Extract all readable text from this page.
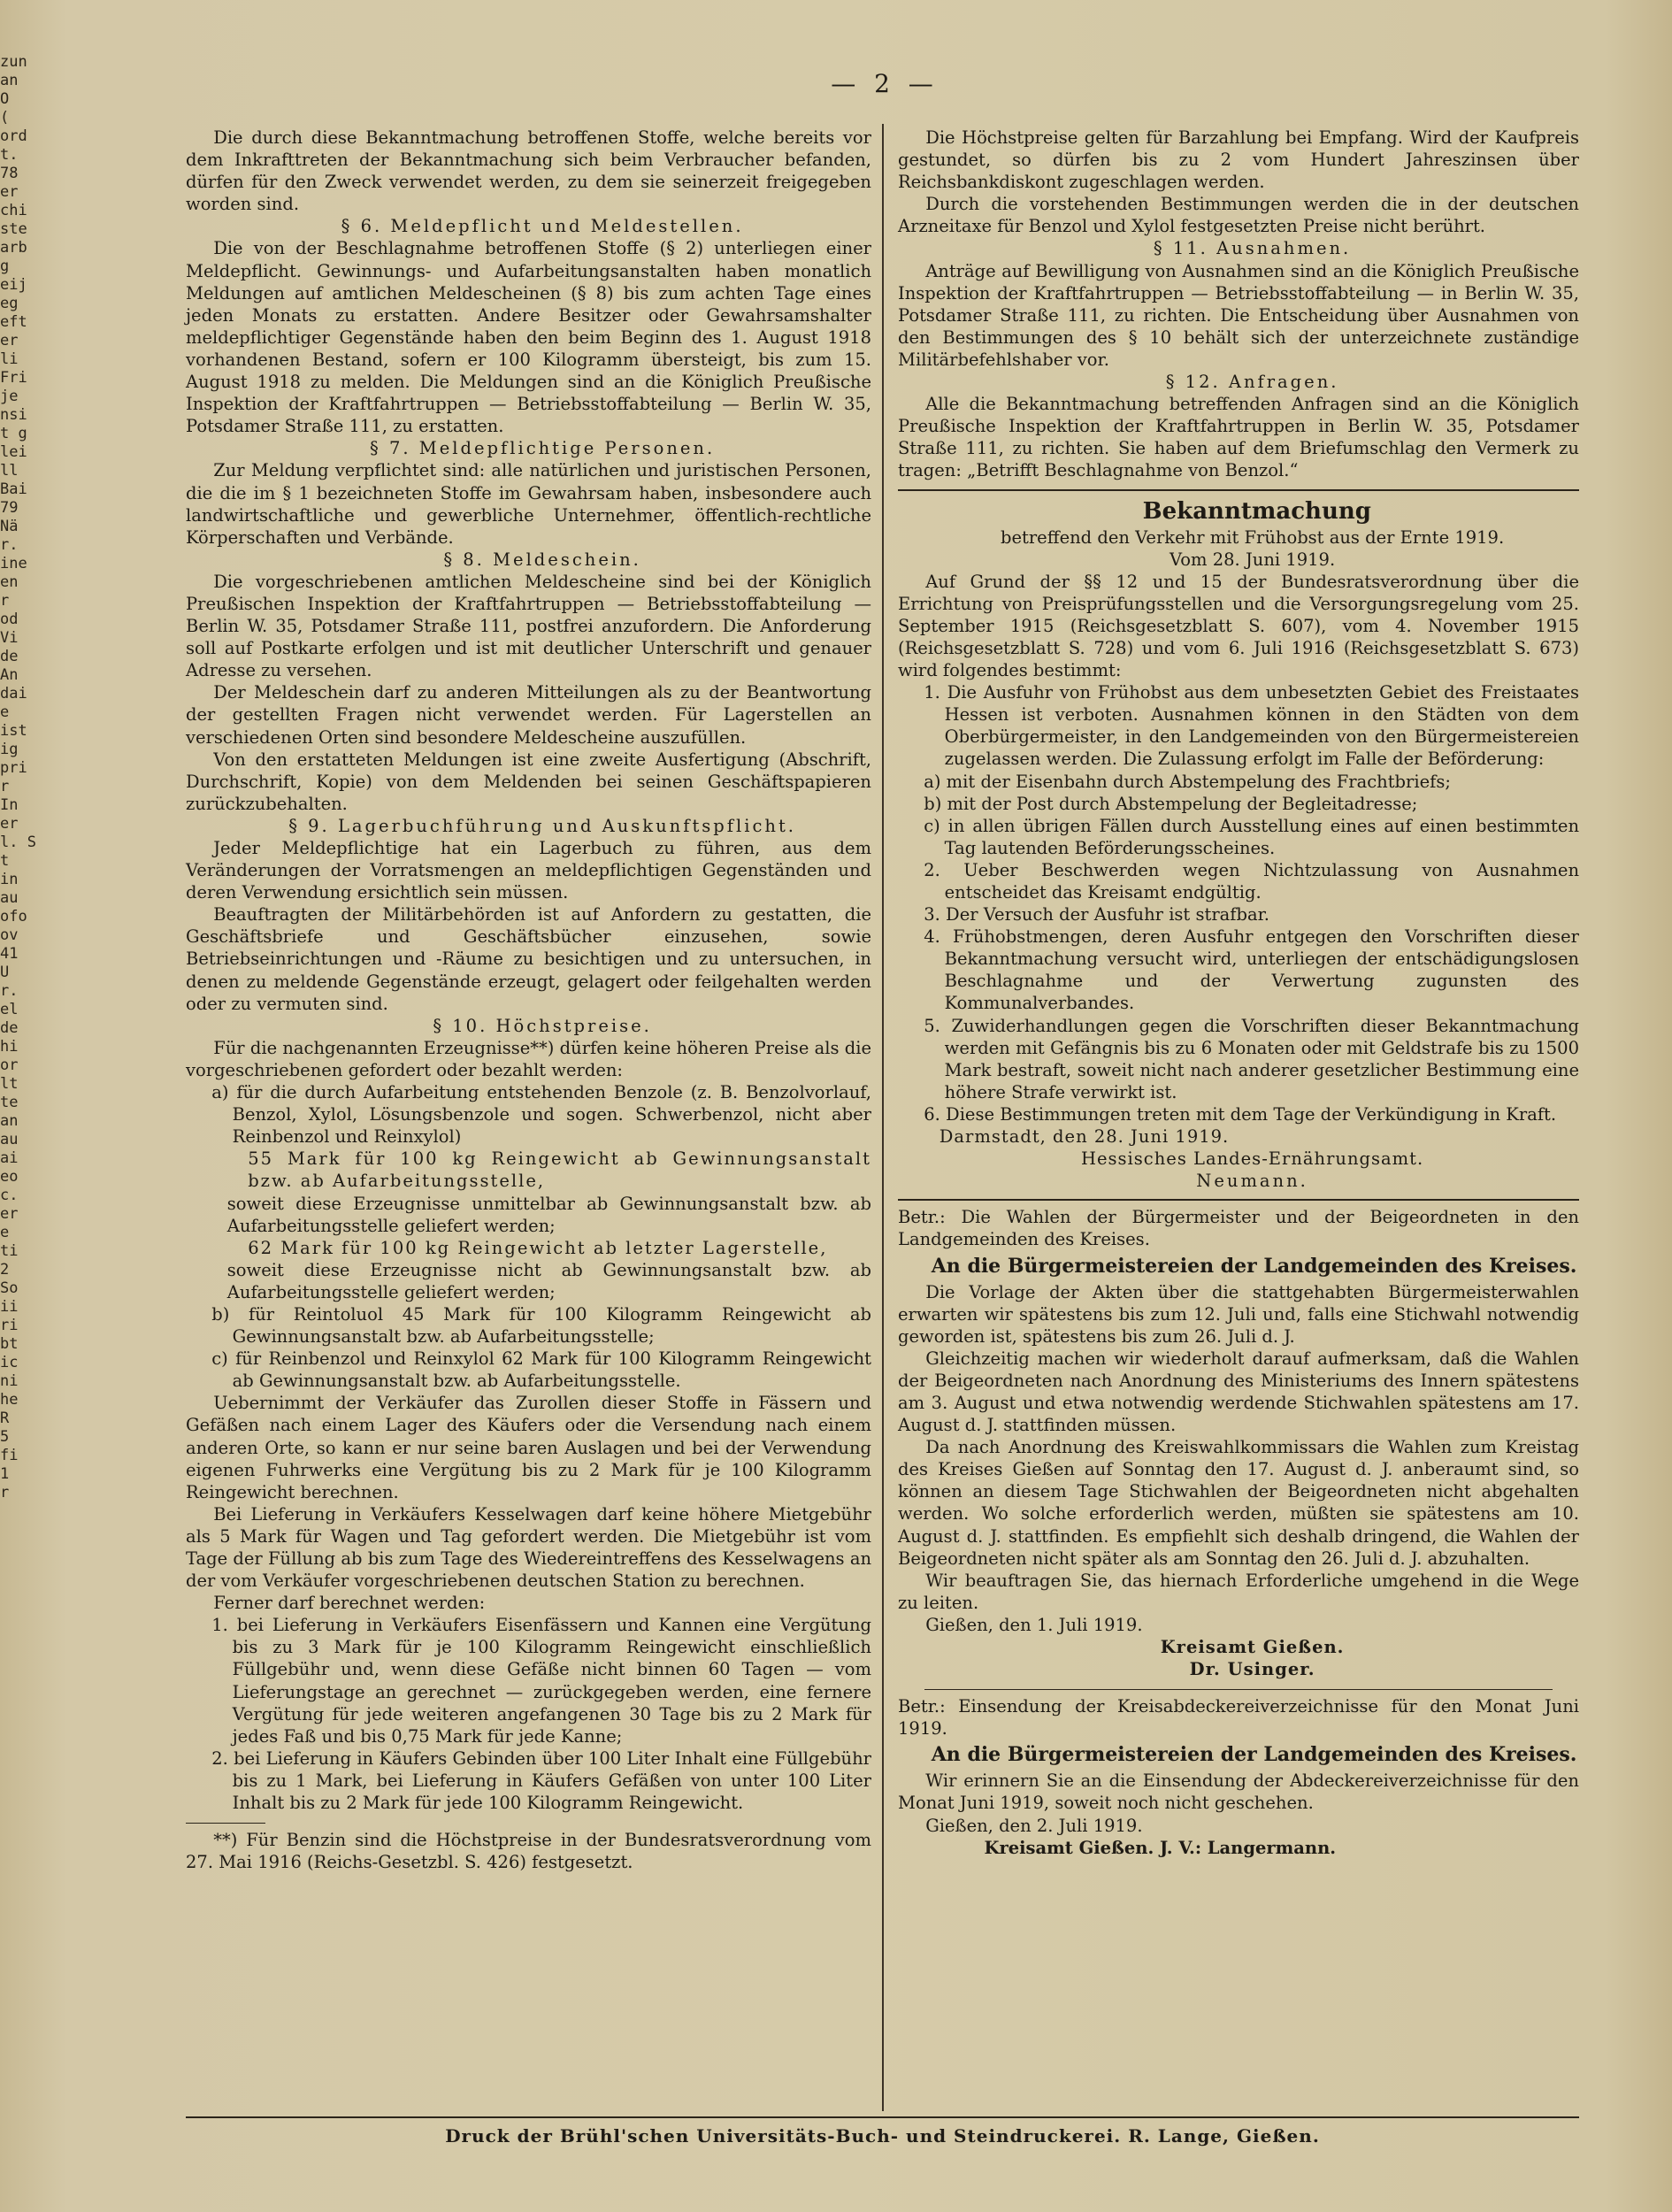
zun
an
O
(
ord
t.
78
er
chi
ste
arb
g
eij
eg
eft
er
li
Fri
je
nsi
t g
lei
ll
Bai
79
Nä
r.
ine
en
r
od
Vi
de
An
dai
e
ist
ig
pri
r
In
er
l. S
t
in
au
ofo
ov
41
U
r.
el
de
hi
or
lt
te
an
au
ai
eo
c.
er
e
ti
2
So
ii
ri
bt
ic
ni
he
R
5
fi
1
r
— 2 —

Die durch diese Bekanntmachung betroffenen Stoffe, welche bereits vor dem Inkrafttreten der Bekanntmachung sich beim Verbraucher befanden, dürfen für den Zweck verwendet werden, zu dem sie seinerzeit freigegeben worden sind.

§ 6. Meldepflicht und Meldestellen.

Die von der Beschlagnahme betroffenen Stoffe (§ 2) unterliegen einer Meldepflicht. Gewinnungs- und Aufarbeitungsanstalten haben monatlich Meldungen auf amtlichen Meldescheinen (§ 8) bis zum achten Tage eines jeden Monats zu erstatten. Andere Besitzer oder Gewahrsamshalter meldepflichtiger Gegenstände haben den beim Beginn des 1. August 1918 vorhandenen Bestand, sofern er 100 Kilogramm übersteigt, bis zum 15. August 1918 zu melden. Die Meldungen sind an die Königlich Preußische Inspektion der Kraftfahrtruppen — Betriebsstoffabteilung — Berlin W. 35, Potsdamer Straße 111, zu erstatten.

§ 7. Meldepflichtige Personen.

Zur Meldung verpflichtet sind: alle natürlichen und juristischen Personen, die die im § 1 bezeichneten Stoffe im Gewahrsam haben, insbesondere auch landwirtschaftliche und gewerbliche Unternehmer, öffentlich-rechtliche Körperschaften und Verbände.

§ 8. Meldeschein.

Die vorgeschriebenen amtlichen Meldescheine sind bei der Königlich Preußischen Inspektion der Kraftfahrtruppen — Betriebsstoffabteilung — Berlin W. 35, Potsdamer Straße 111, postfrei anzufordern. Die Anforderung soll auf Postkarte erfolgen und ist mit deutlicher Unterschrift und genauer Adresse zu versehen.

Der Meldeschein darf zu anderen Mitteilungen als zu der Beantwortung der gestellten Fragen nicht verwendet werden. Für Lagerstellen an verschiedenen Orten sind besondere Meldescheine auszufüllen.

Von den erstatteten Meldungen ist eine zweite Ausfertigung (Abschrift, Durchschrift, Kopie) von dem Meldenden bei seinen Geschäftspapieren zurückzubehalten.

§ 9. Lagerbuchführung und Auskunftspflicht.

Jeder Meldepflichtige hat ein Lagerbuch zu führen, aus dem Veränderungen der Vorratsmengen an meldepflichtigen Gegenständen und deren Verwendung ersichtlich sein müssen.

Beauftragten der Militärbehörden ist auf Anfordern zu gestatten, die Geschäftsbriefe und Geschäftsbücher einzusehen, sowie Betriebseinrichtungen und -Räume zu besichtigen und zu untersuchen, in denen zu meldende Gegenstände erzeugt, gelagert oder feilgehalten werden oder zu vermuten sind.

§ 10. Höchstpreise.

Für die nachgenannten Erzeugnisse**) dürfen keine höheren Preise als die vorgeschriebenen gefordert oder bezahlt werden:

a) für die durch Aufarbeitung entstehenden Benzole (z. B. Benzolvorlauf, Benzol, Xylol, Lösungsbenzole und sogen. Schwerbenzol, nicht aber Reinbenzol und Reinxylol)

55 Mark für 100 kg Reingewicht ab Gewinnungsanstalt bzw. ab Aufarbeitungsstelle,

soweit diese Erzeugnisse unmittelbar ab Gewinnungsanstalt bzw. ab Aufarbeitungsstelle geliefert werden;

62 Mark für 100 kg Reingewicht ab letzter Lagerstelle,

soweit diese Erzeugnisse nicht ab Gewinnungsanstalt bzw. ab Aufarbeitungsstelle geliefert werden;

b) für Reintoluol 45 Mark für 100 Kilogramm Reingewicht ab Gewinnungsanstalt bzw. ab Aufarbeitungsstelle;

c) für Reinbenzol und Reinxylol 62 Mark für 100 Kilogramm Reingewicht ab Gewinnungsanstalt bzw. ab Aufarbeitungsstelle.

Uebernimmt der Verkäufer das Zurollen dieser Stoffe in Fässern und Gefäßen nach einem Lager des Käufers oder die Versendung nach einem anderen Orte, so kann er nur seine baren Auslagen und bei der Verwendung eigenen Fuhrwerks eine Vergütung bis zu 2 Mark für je 100 Kilogramm Reingewicht berechnen.

Bei Lieferung in Verkäufers Kesselwagen darf keine höhere Mietgebühr als 5 Mark für Wagen und Tag gefordert werden. Die Mietgebühr ist vom Tage der Füllung ab bis zum Tage des Wiedereintreffens des Kesselwagens an der vom Verkäufer vorgeschriebenen deutschen Station zu berechnen.

Ferner darf berechnet werden:

1. bei Lieferung in Verkäufers Eisenfässern und Kannen eine Vergütung bis zu 3 Mark für je 100 Kilogramm Reingewicht einschließlich Füllgebühr und, wenn diese Gefäße nicht binnen 60 Tagen — vom Lieferungstage an gerechnet — zurückgegeben werden, eine fernere Vergütung für jede weiteren angefangenen 30 Tage bis zu 2 Mark für jedes Faß und bis 0,75 Mark für jede Kanne;

2. bei Lieferung in Käufers Gebinden über 100 Liter Inhalt eine Füllgebühr bis zu 1 Mark, bei Lieferung in Käufers Gefäßen von unter 100 Liter Inhalt bis zu 2 Mark für jede 100 Kilogramm Reingewicht.

**) Für Benzin sind die Höchstpreise in der Bundesratsverordnung vom 27. Mai 1916 (Reichs-Gesetzbl. S. 426) festgesetzt.

Die Höchstpreise gelten für Barzahlung bei Empfang. Wird der Kaufpreis gestundet, so dürfen bis zu 2 vom Hundert Jahreszinsen über Reichsbankdiskont zugeschlagen werden.

Durch die vorstehenden Bestimmungen werden die in der deutschen Arzneitaxe für Benzol und Xylol festgesetzten Preise nicht berührt.

§ 11. Ausnahmen.

Anträge auf Bewilligung von Ausnahmen sind an die Königlich Preußische Inspektion der Kraftfahrtruppen — Betriebsstoffabteilung — in Berlin W. 35, Potsdamer Straße 111, zu richten. Die Entscheidung über Ausnahmen von den Bestimmungen des § 10 behält sich der unterzeichnete zuständige Militärbefehlshaber vor.

§ 12. Anfragen.

Alle die Bekanntmachung betreffenden Anfragen sind an die Königlich Preußische Inspektion der Kraftfahrtruppen in Berlin W. 35, Potsdamer Straße 111, zu richten. Sie haben auf dem Briefumschlag den Vermerk zu tragen: „Betrifft Beschlagnahme von Benzol.“

Bekanntmachung

betreffend den Verkehr mit Frühobst aus der Ernte 1919.

Vom 28. Juni 1919.

Auf Grund der §§ 12 und 15 der Bundesratsverordnung über die Errichtung von Preisprüfungsstellen und die Versorgungsregelung vom 25. September 1915 (Reichsgesetzblatt S. 607), vom 4. November 1915 (Reichsgesetzblatt S. 728) und vom 6. Juli 1916 (Reichsgesetzblatt S. 673) wird folgendes bestimmt:

1. Die Ausfuhr von Frühobst aus dem unbesetzten Gebiet des Freistaates Hessen ist verboten. Ausnahmen können in den Städten von dem Oberbürgermeister, in den Landgemeinden von den Bürgermeistereien zugelassen werden. Die Zulassung erfolgt im Falle der Beförderung:

a) mit der Eisenbahn durch Abstempelung des Frachtbriefs;

b) mit der Post durch Abstempelung der Begleitadresse;

c) in allen übrigen Fällen durch Ausstellung eines auf einen bestimmten Tag lautenden Beförderungsscheines.

2. Ueber Beschwerden wegen Nichtzulassung von Ausnahmen entscheidet das Kreisamt endgültig.

3. Der Versuch der Ausfuhr ist strafbar.

4. Frühobstmengen, deren Ausfuhr entgegen den Vorschriften dieser Bekanntmachung versucht wird, unterliegen der entschädigungslosen Beschlagnahme und der Verwertung zugunsten des Kommunalverbandes.

5. Zuwiderhandlungen gegen die Vorschriften dieser Bekanntmachung werden mit Gefängnis bis zu 6 Monaten oder mit Geldstrafe bis zu 1500 Mark bestraft, soweit nicht nach anderer gesetzlicher Bestimmung eine höhere Strafe verwirkt ist.

6. Diese Bestimmungen treten mit dem Tage der Verkündigung in Kraft.

Darmstadt, den 28. Juni 1919.

Hessisches Landes-Ernährungsamt.

Neumann.

Betr.: Die Wahlen der Bürgermeister und der Beigeordneten in den Landgemeinden des Kreises.

An die Bürgermeistereien der Landgemeinden des Kreises.

Die Vorlage der Akten über die stattgehabten Bürgermeisterwahlen erwarten wir spätestens bis zum 12. Juli und, falls eine Stichwahl notwendig geworden ist, spätestens bis zum 26. Juli d. J.

Gleichzeitig machen wir wiederholt darauf aufmerksam, daß die Wahlen der Beigeordneten nach Anordnung des Ministeriums des Innern spätestens am 3. August und etwa notwendig werdende Stichwahlen spätestens am 17. August d. J. stattfinden müssen.

Da nach Anordnung des Kreiswahlkommissars die Wahlen zum Kreistag des Kreises Gießen auf Sonntag den 17. August d. J. anberaumt sind, so können an diesem Tage Stichwahlen der Beigeordneten nicht abgehalten werden. Wo solche erforderlich werden, müßten sie spätestens am 10. August d. J. stattfinden. Es empfiehlt sich deshalb dringend, die Wahlen der Beigeordneten nicht später als am Sonntag den 26. Juli d. J. abzuhalten.

Wir beauftragen Sie, das hiernach Erforderliche umgehend in die Wege zu leiten.

Gießen, den 1. Juli 1919.

Kreisamt Gießen.

Dr. Usinger.

Betr.: Einsendung der Kreisabdeckereiverzeichnisse für den Monat Juni 1919.

An die Bürgermeistereien der Landgemeinden des Kreises.

Wir erinnern Sie an die Einsendung der Abdeckereiverzeichnisse für den Monat Juni 1919, soweit noch nicht geschehen.

Gießen, den 2. Juli 1919.

Kreisamt Gießen. J. V.: Langermann.

Druck der Brühl'schen Universitäts-Buch- und Steindruckerei. R. Lange, Gießen.
